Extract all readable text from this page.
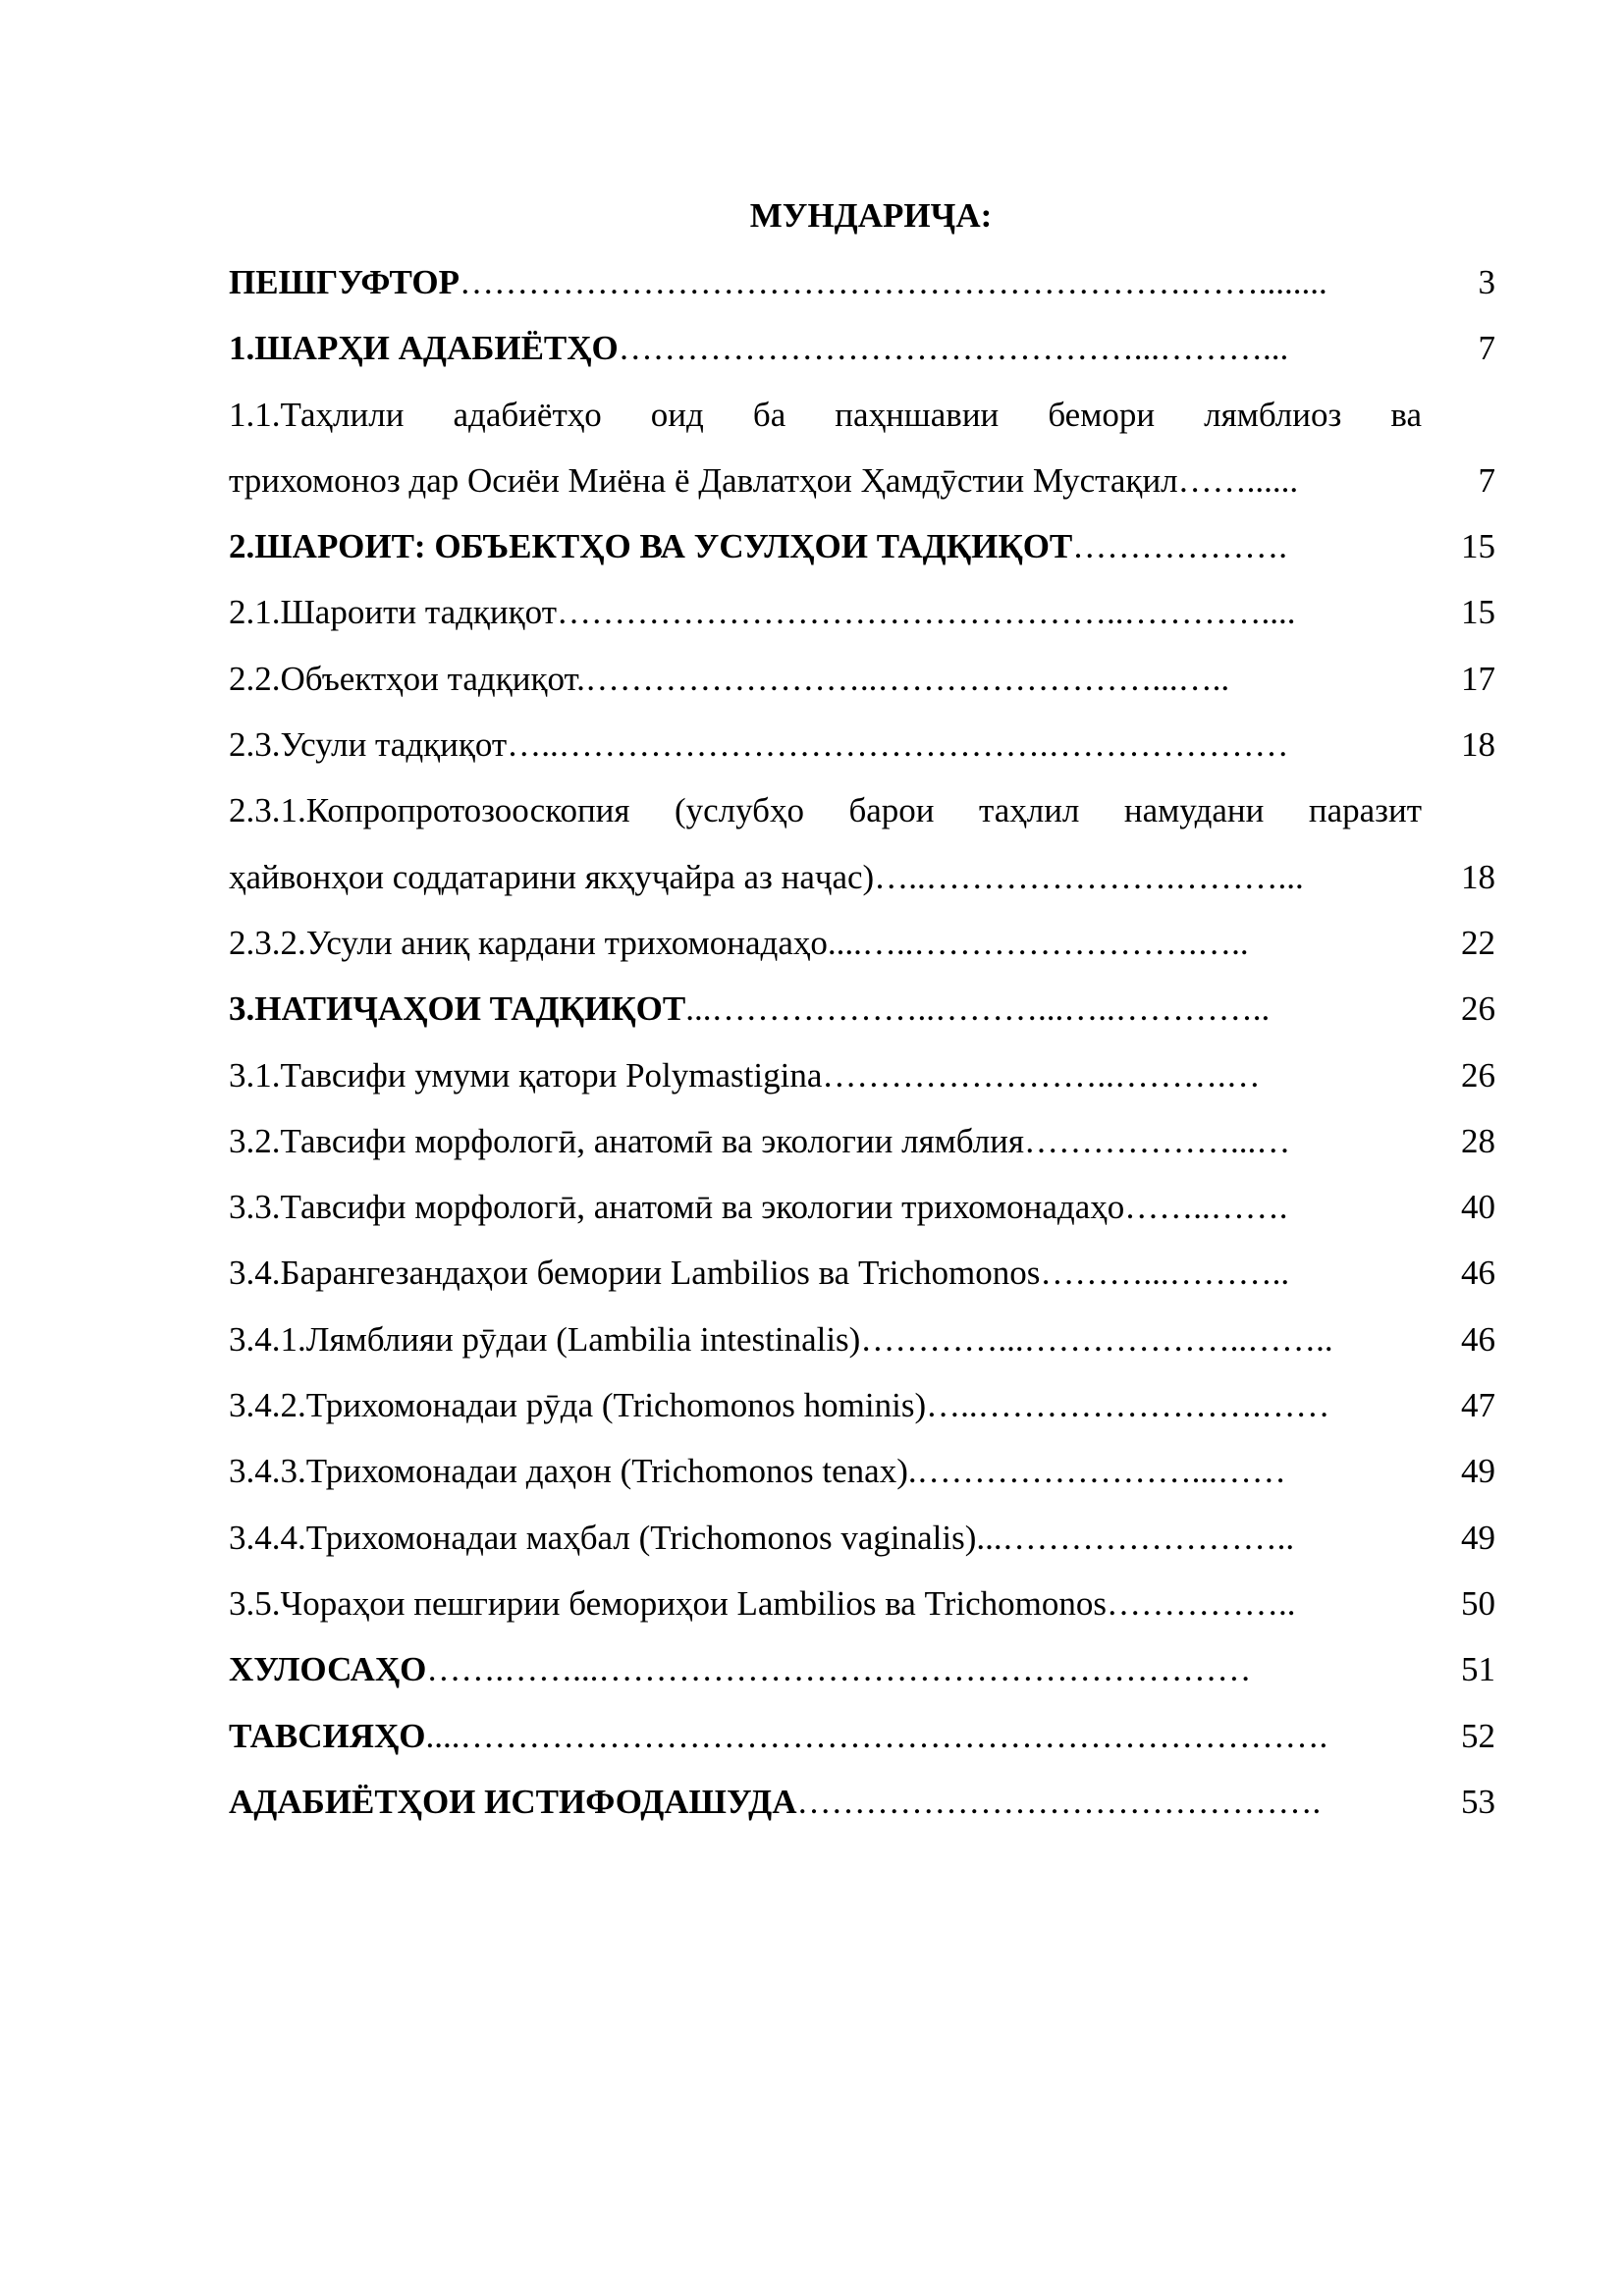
МУНДАРИҶА:
ПЕШГУФТОР……………………………………………………….……........	3
1.ШАРҲИ АДАБИЁТҲО………………………………………...………...	7
1.1.Таҳлили адабиётҳо оид ба паҳншавии бемори лямблиоз ва
трихомоноз дар Осиёи Миёна ё Давлатҳои Ҳамдӯстии Мустақил……......	7
2.ШАРОИТ: ОБЪЕКТҲО ВА УСУЛҲОИ ТАДҚИҚОТ……………….	15
2.1.Шароити тадқиқот…………………………………………..…………....	15
2.2.Объектҳои тадқиқот.……………………..……………………...…..	17
2.3.Усули тадқиқот…..…………………………………….…………………	18
2.3.1.Копропротозооскопия (услубҳо барои таҳлил намудани паразит
ҳайвонҳои соддатарини якҳуҷайра аз наҷас)…..………………….………...	18
2.3.2.Усули аниқ кардани трихомонадаҳо....…..…………………….…..	22
3.НАТИҶАҲОИ ТАДҚИҚОТ...………………..………...…..…………..	26
3.1.Тавсифи умуми қатори Polymastigina……………………..……….…	26
3.2.Тавсифи морфологӣ, анатомӣ ва экологии лямблия………………...…	28
3.3.Тавсифи морфологӣ, анатомӣ ва экологии трихомонадаҳо……..…….	40
3.4.Барангезандаҳои бемории Lambilios ва Trichomonos………...………..	46
3.4.1.Лямблияи рӯдаи (Lambilia intestinalis)…………...………………..……..	46
3.4.2.Трихомонадаи рӯда (Trichomonos hominis)…..…………………….……	47
3.4.3.Трихомонадаи даҳон (Trichomonos tenax).……………………...……	49
3.4.4.Трихомонадаи маҳбал (Trichomonos vaginalis)...……………………..	49
3.5.Чораҳои пешгирии бемориҳои Lambilios ва Trichomonos……………..	50
ХУЛОСАҲО…….……...…………………………………………………	51
ТАВСИЯҲО....………………………………………………………………….	52
АДАБИЁТҲОИ ИСТИФОДАШУДА……………………………………….	53
